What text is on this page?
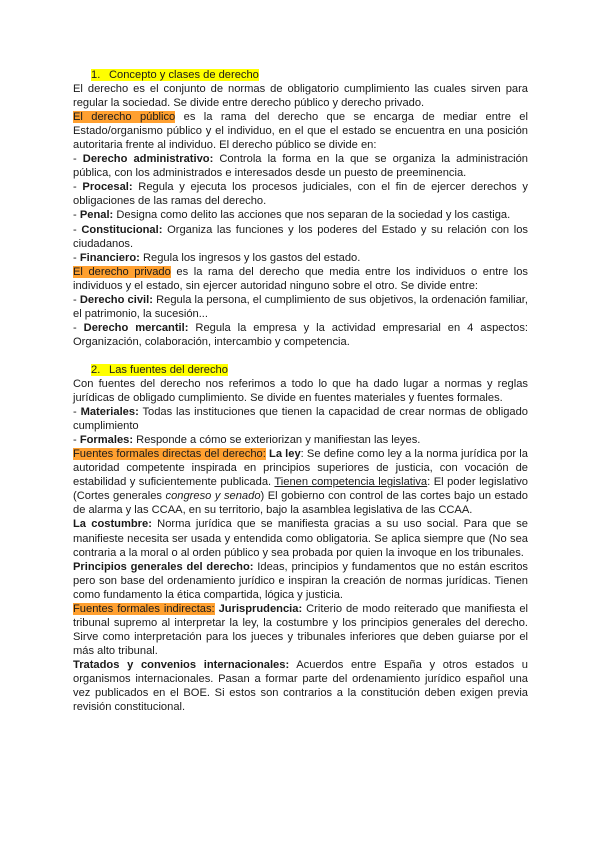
1. Concepto y clases de derecho

El derecho es el conjunto de normas de obligatorio cumplimiento las cuales sirven para regular la sociedad. Se divide entre derecho público y derecho privado.

El derecho público es la rama del derecho que se encarga de mediar entre el Estado/organismo público y el individuo, en el que el estado se encuentra en una posición autoritaria frente al individuo. El derecho público se divide en:

- Derecho administrativo: Controla la forma en la que se organiza la administración pública, con los administrados e interesados desde un puesto de preeminencia.

- Procesal: Regula y ejecuta los procesos judiciales, con el fin de ejercer derechos y obligaciones de las ramas del derecho.

- Penal: Designa como delito las acciones que nos separan de la sociedad y los castiga.

- Constitucional: Organiza las funciones y los poderes del Estado y su relación con los ciudadanos.

- Financiero: Regula los ingresos y los gastos del estado.

El derecho privado es la rama del derecho que media entre los individuos o entre los individuos y el estado, sin ejercer autoridad ninguno sobre el otro. Se divide entre:

- Derecho civil: Regula la persona, el cumplimiento de sus objetivos, la ordenación familiar, el patrimonio, la sucesión...

- Derecho mercantil: Regula la empresa y la actividad empresarial en 4 aspectos: Organización, colaboración, intercambio y competencia.

2. Las fuentes del derecho

Con fuentes del derecho nos referimos a todo lo que ha dado lugar a normas y reglas jurídicas de obligado cumplimiento. Se divide en fuentes materiales y fuentes formales.

- Materiales: Todas las instituciones que tienen la capacidad de crear normas de obligado cumplimiento

- Formales: Responde a cómo se exteriorizan y manifiestan las leyes.

Fuentes formales directas del derecho: La ley: Se define como ley a la norma jurídica por la autoridad competente inspirada en principios superiores de justicia, con vocación de estabilidad y suficientemente publicada. Tienen competencia legislativa: El poder legislativo (Cortes generales congreso y senado) El gobierno con control de las cortes bajo un estado de alarma y las CCAA, en su territorio, bajo la asamblea legislativa de las CCAA.

La costumbre: Norma jurídica que se manifiesta gracias a su uso social. Para que se manifieste necesita ser usada y entendida como obligatoria. Se aplica siempre que (No sea contraria a la moral o al orden público y sea probada por quien la invoque en los tribunales.

Principios generales del derecho: Ideas, principios y fundamentos que no están escritos pero son base del ordenamiento jurídico e inspiran la creación de normas jurídicas. Tienen como fundamento la ética compartida, lógica y justicia.

Fuentes formales indirectas: Jurisprudencia: Criterio de modo reiterado que manifiesta el tribunal supremo al interpretar la ley, la costumbre y los principios generales del derecho. Sirve como interpretación para los jueces y tribunales inferiores que deben guiarse por el más alto tribunal.

Tratados y convenios internacionales: Acuerdos entre España y otros estados u organismos internacionales. Pasan a formar parte del ordenamiento jurídico español una vez publicados en el BOE. Si estos son contrarios a la constitución deben exigen previa revisión constitucional.
